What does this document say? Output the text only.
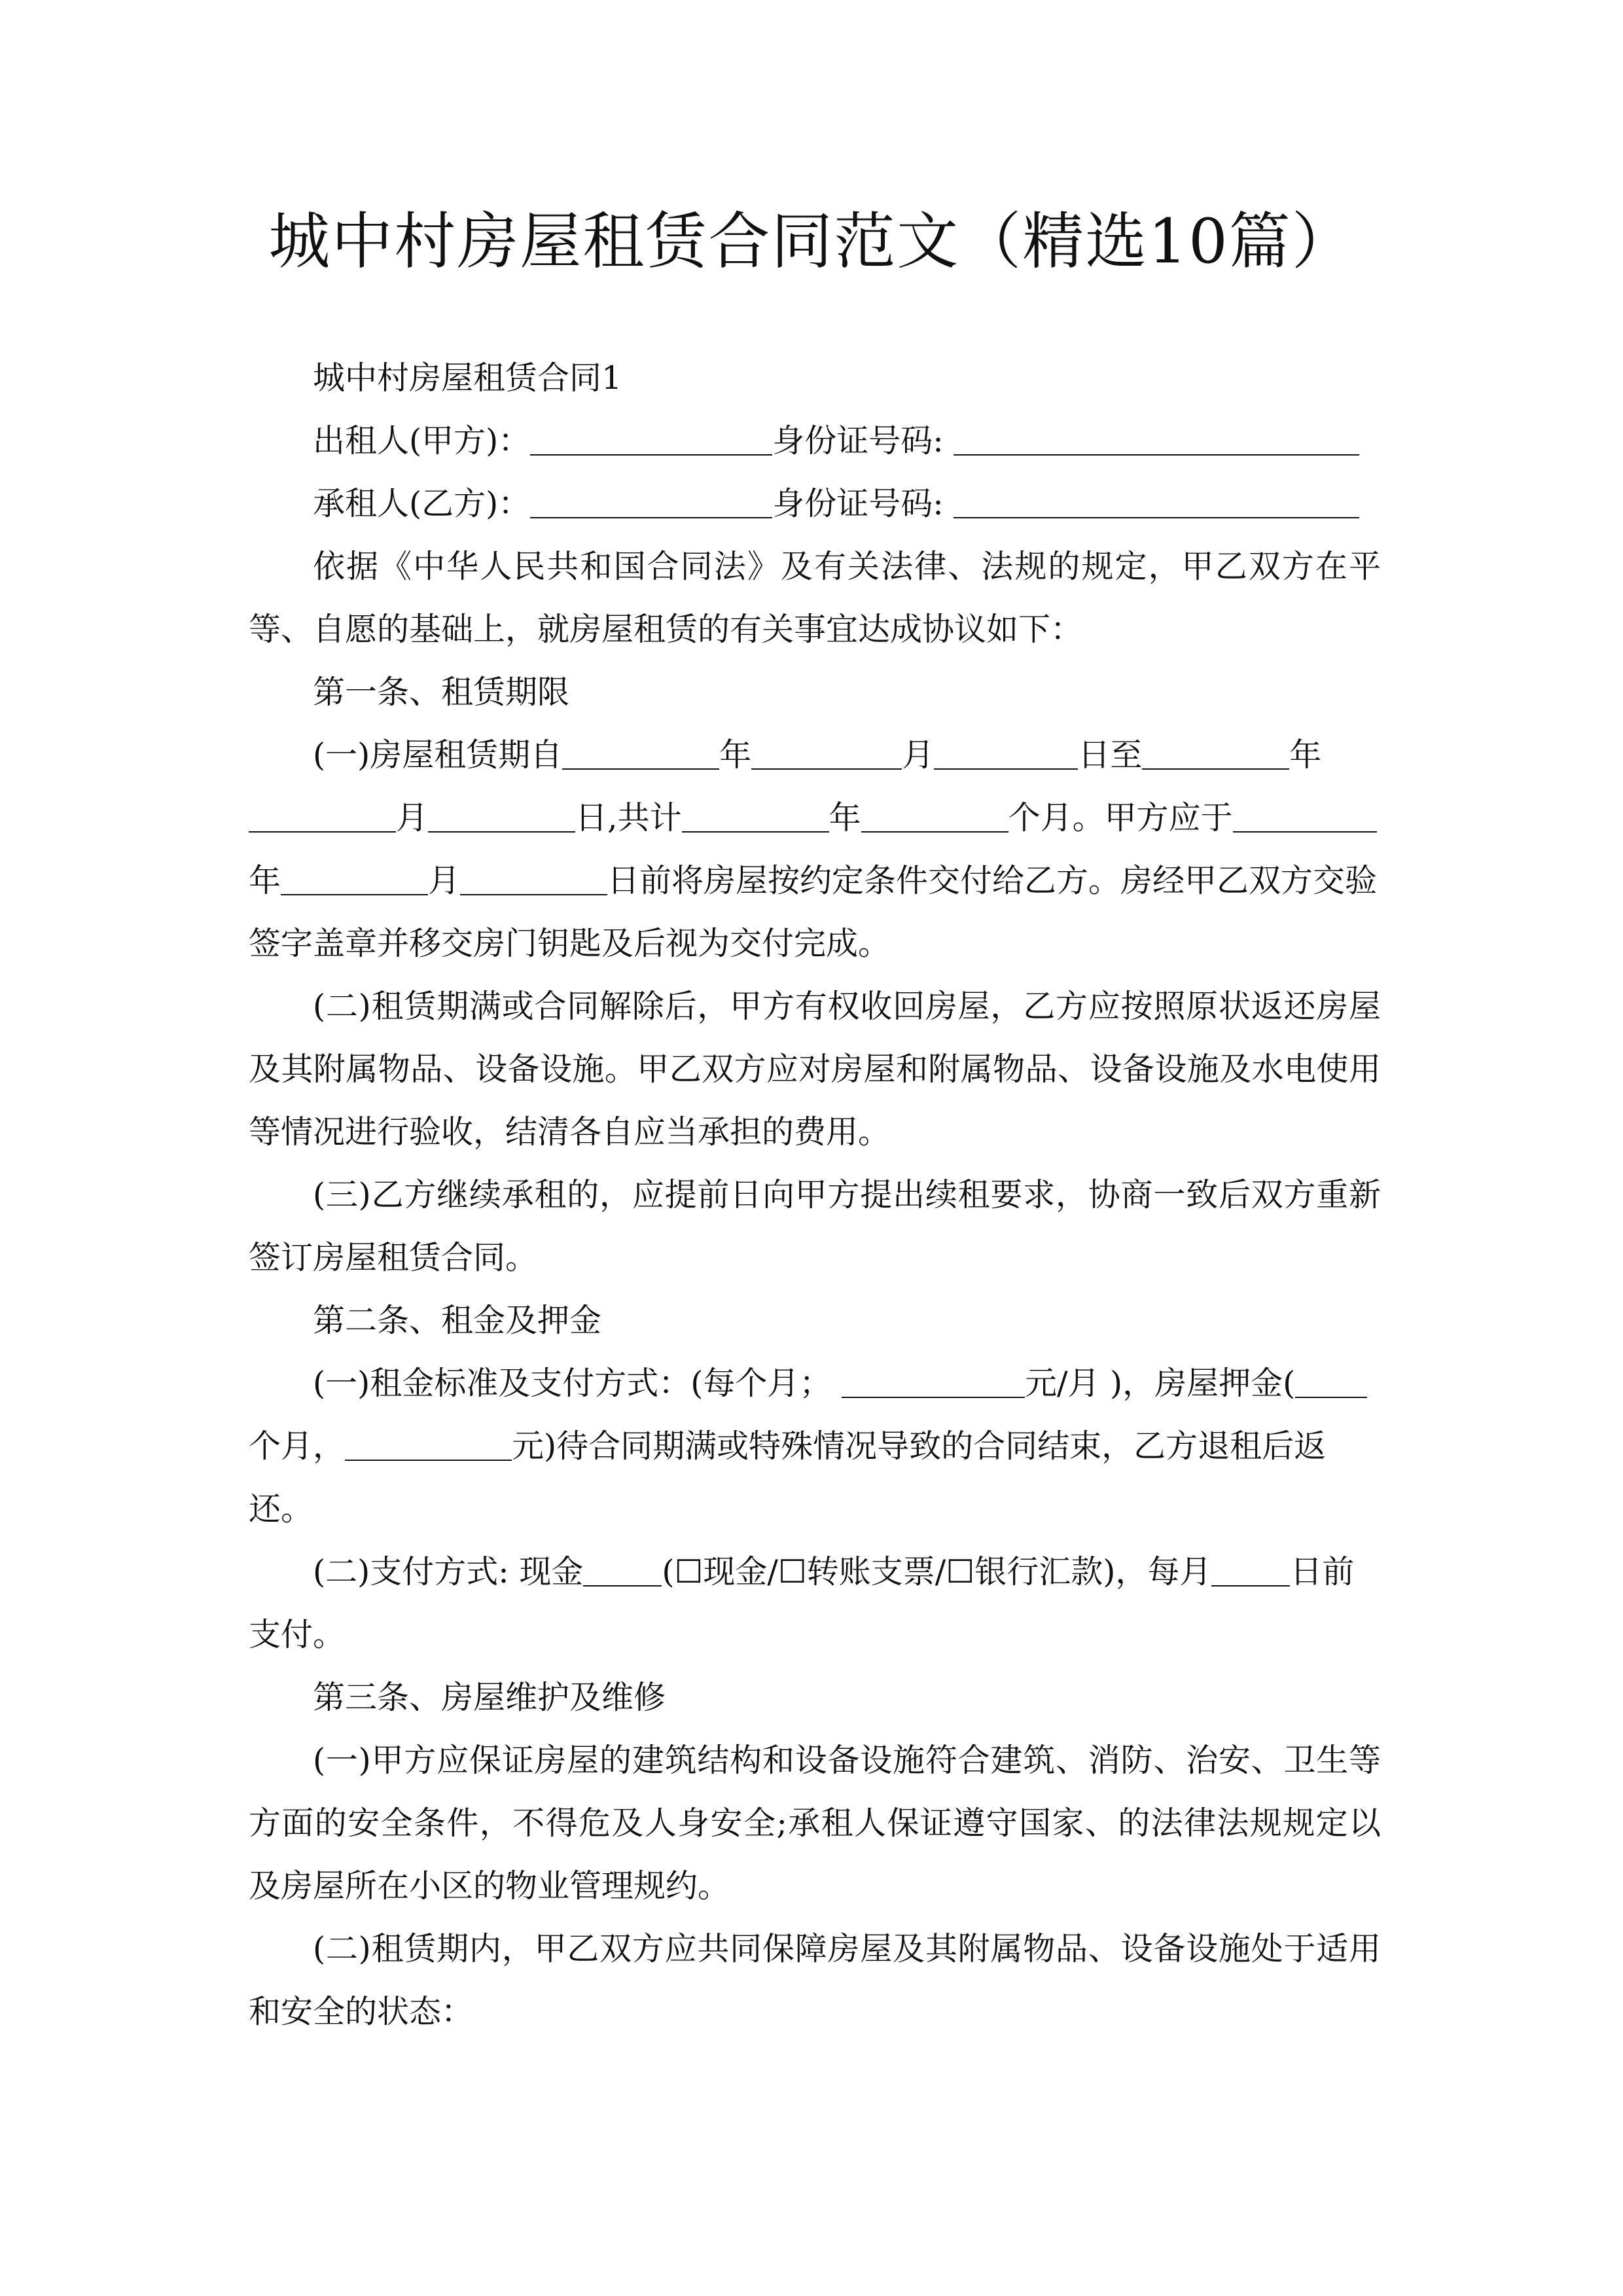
城中村房屋租赁合同范文（精选10篇）

城中村房屋租赁合同1

出租人(甲方)：	身份证号码:

承租人(乙方)：	身份证号码:

依据《中华人民共和国合同法》及有关法律、法规的规定，甲乙双方在平等、自愿的基础上，就房屋租赁的有关事宜达成协议如下：

第一条、租赁期限

(一)房屋租赁期自	年	月	日至	年月	日,共计	年	个月。甲方应于年	月	日前将房屋按约定条件交付给乙方。房经甲乙双方交验签字盖章并移交房门钥匙及后视为交付完成。

(二)租赁期满或合同解除后，甲方有权收回房屋，乙方应按照原状返还房屋及其附属物品、设备设施。甲乙双方应对房屋和附属物品、设备设施及水电使用等情况进行验收，结清各自应当承担的费用。

(三)乙方继续承租的，应提前日向甲方提出续租要求，协商一致后双方重新签订房屋租赁合同。

第二条、租金及押金

(一)租金标准及支付方式：(每个月；	元/月 )，房屋押金(个月，	元)待合同期满或特殊情况导致的合同结束，乙方退租后返还。

(二)支付方式: 现金 (☐现金/☐转账支票/☐银行汇款)，每月 日前支付。

第三条、房屋维护及维修

(一)甲方应保证房屋的建筑结构和设备设施符合建筑、消防、治安、卫生等方面的安全条件，不得危及人身安全;承租人保证遵守国家、的法律法规规定以及房屋所在小区的物业管理规约。

(二)租赁期内，甲乙双方应共同保障房屋及其附属物品、设备设施处于适用和安全的状态：
